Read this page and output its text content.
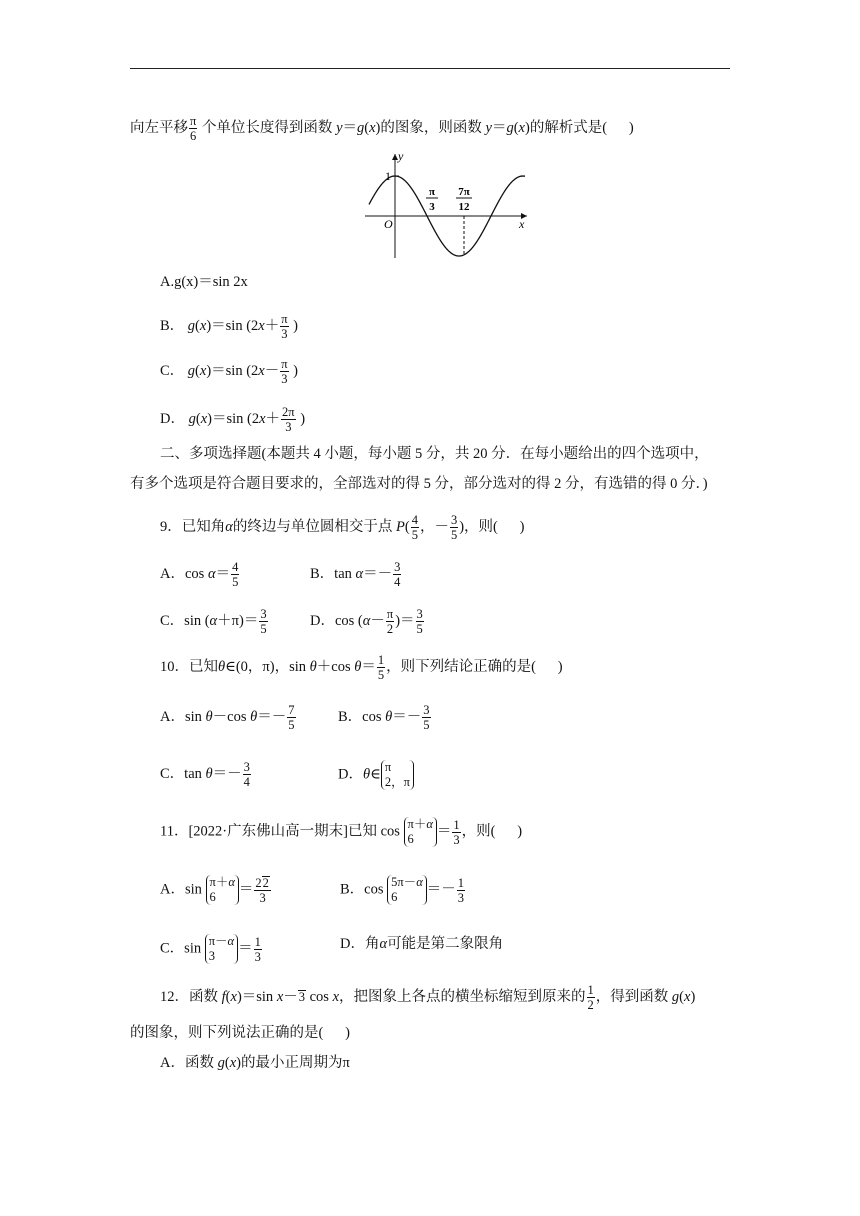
向左平移 $\frac{\pi}{6}$ 个单位长度得到函数 y＝g(x)的图象，则函数 y＝g(x)的解析式是( )
y
x
O
1
π
3
7π
12
A.g(x)＝sin 2x
B． g(x)＝sin ($2x+ \frac{\pi}{3}$ )
C． g(x)＝sin ($2x- \frac{\pi}{3}$ )
D． g(x)＝sin ($2x+ \frac{2\pi}{3}$ )
二、多项选择题(本题共 4 小题，每小题 5 分，共 20 分．在每小题给出的四个选项中，
有多个选项是符合题目要求的，全部选对的得 5 分，部分选对的得 2 分，有选错的得 0 分．)
9．已知角α的终边与单位圆相交于点 $P( \frac{4}{5}$ ，－ $\frac{3}{5}$ )，则( )
A．$\cos \alpha= \frac{4}{5}$	B．$\tan \alpha=- \frac{3}{4}$
C．$\sin (\alpha+\pi)= \frac{3}{5}$	D．$\cos (\alpha- \frac{\pi}{2}$ )＝ $\frac{3}{5}$
10．已知θ∈(0，π)，sin θ＋cos $\theta= \frac{1}{5}$ ，则下列结论正确的是( )
A．sin θ－cos $\theta=- \frac{7}{5}$	B．$\cos \theta=- \frac{3}{5}$
C．$\tan \theta=- \frac{3}{4}$	D．θ∈ π
2，π
11．[2022·广东佛山高一期末]已知 cos π＋α
6	＝ $\frac{1}{3}$ ，则( )
A．sin π＋α
6	＝ $\frac{22}{3}$	B．cos 5π－α
6	＝－ $\frac{1}{3}$
C．sin π－α
3	＝ $\frac{1}{3}$	D．角α可能是第二象限角
12．函数 f(x)＝sin x－3 cos x，把图象上各点的横坐标缩短到原来的 $\frac{1}{2}$ ，得到函数 g(x)
的图象，则下列说法正确的是( )
A．函数 g(x)的最小正周期为π
